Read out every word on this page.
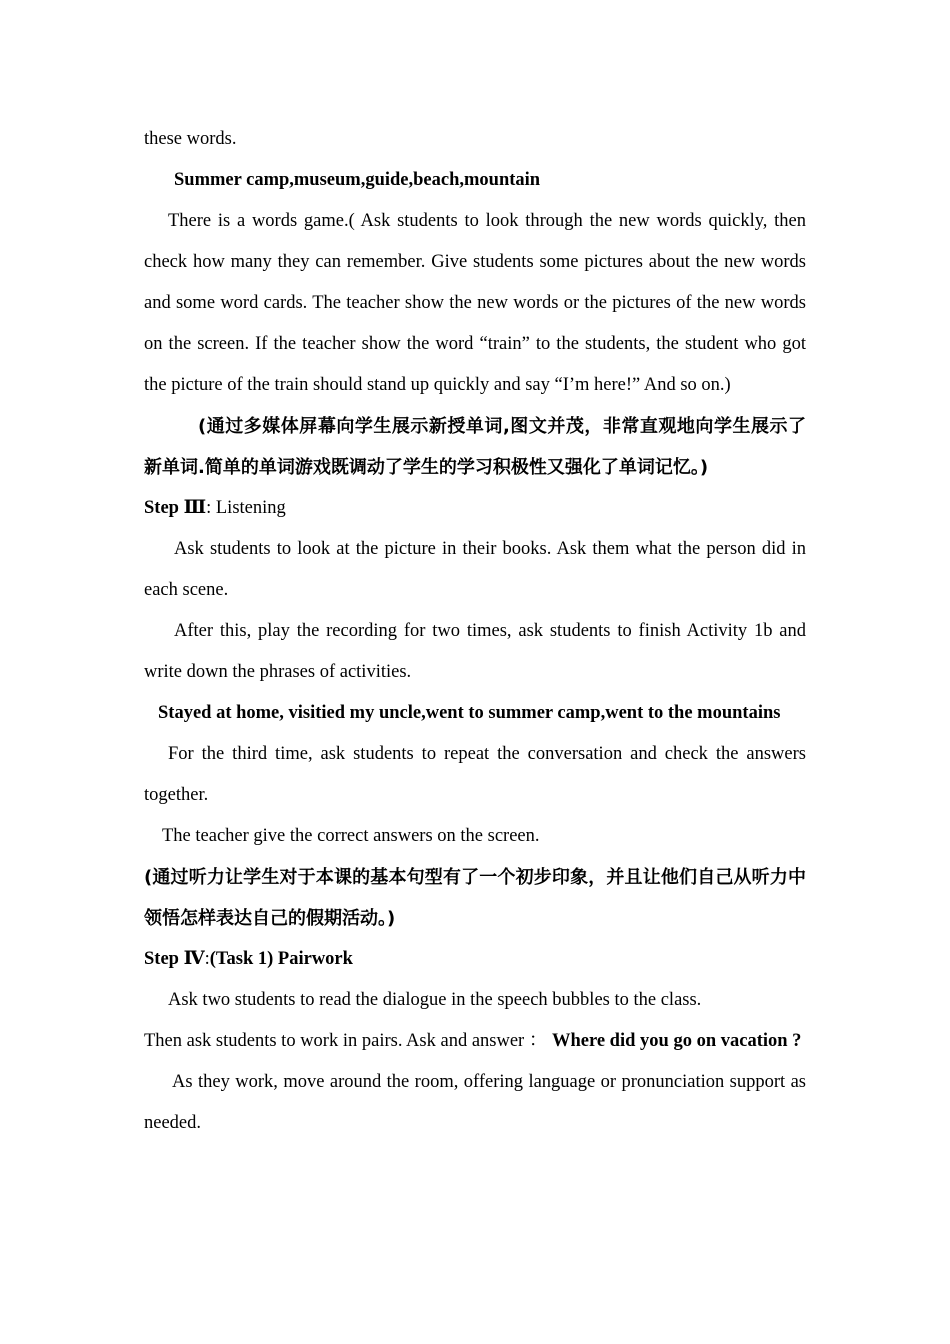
these words.

Summer camp,museum,guide,beach,mountain

There is a words game.( Ask students to look through the new words quickly, then check how many they can remember. Give students some pictures about the new words and some word cards. The teacher show the new words or the pictures of the new words on the screen. If the teacher show the word “train” to the students, the student who got the picture of the train should stand up quickly and say “I’m here!” And so on.)

(通过多媒体屏幕向学生展示新授单词,图文并茂，非常直观地向学生展示了新单词.简单的单词游戏既调动了学生的学习积极性又强化了单词记忆。)

Step Ⅲ: Listening

Ask students to look at the picture in their books. Ask them what the person did in each scene.

After this, play the recording for two times, ask students to finish Activity 1b and write down the phrases of activities.

Stayed at home, visitied my uncle,went to summer camp,went to the mountains

For the third time, ask students to repeat the conversation and check the answers together.

The teacher give the correct answers on the screen.

(通过听力让学生对于本课的基本句型有了一个初步印象，并且让他们自己从听力中领悟怎样表达自己的假期活动。)

Step Ⅳ:(Task 1) Pairwork

Ask two students to read the dialogue in the speech bubbles to the class.

Then ask students to work in pairs. Ask and answer ： Where did you go on vacation ?

As they work, move around the room, offering language or pronunciation support as needed.
